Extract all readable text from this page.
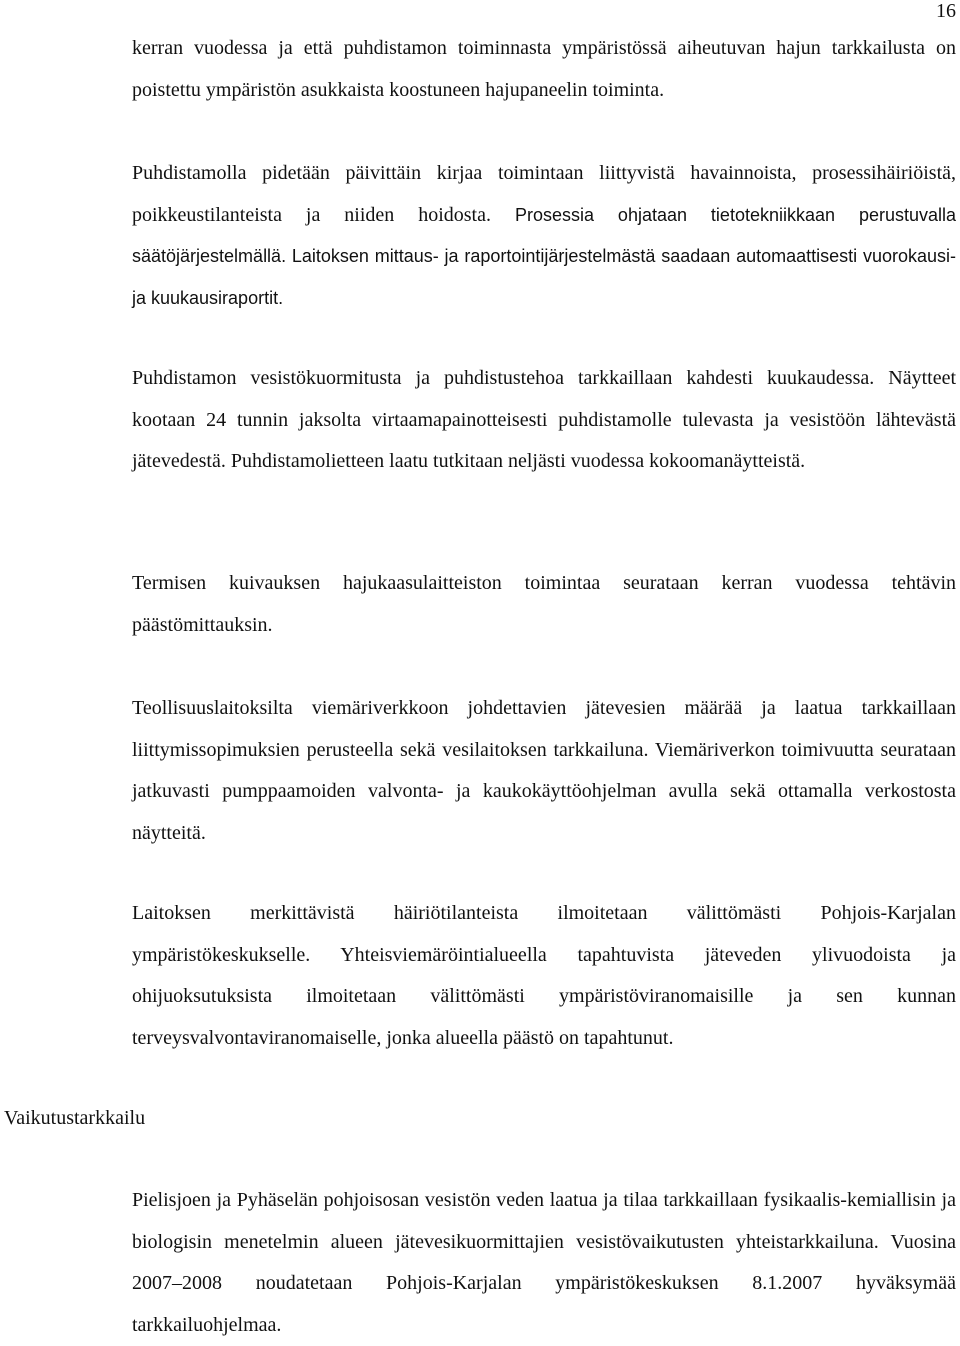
16

kerran vuodessa ja että puhdistamon toiminnasta ympäristössä aiheutuvan hajun tarkkailusta on poistettu ympäristön asukkaista koostuneen hajupaneelin toiminta.

Puhdistamolla pidetään päivittäin kirjaa toimintaan liittyvistä havainnoista, prosessihäiriöistä, poikkeustilanteista ja niiden hoidosta. Prosessia ohjataan tietotekniikkaan perustuvalla säätöjärjestelmällä. Laitoksen mittaus- ja raportointijärjestelmästä saadaan automaattisesti vuorokausi- ja kuukausiraportit.

Puhdistamon vesistökuormitusta ja puhdistustehoa tarkkaillaan kahdesti kuukaudessa. Näytteet kootaan 24 tunnin jaksolta virtaamapainotteisesti puhdistamolle tulevasta ja vesistöön lähtevästä jätevedestä. Puhdistamolietteen laatu tutkitaan neljästi vuodessa kokoomanäytteistä.

Termisen kuivauksen hajukaasulaitteiston toimintaa seurataan kerran vuodessa tehtävin päästömittauksin.

Teollisuuslaitoksilta viemäriverkkoon johdettavien jätevesien määrää ja laatua tarkkaillaan liittymissopimuksien perusteella sekä vesilaitoksen tarkkailuna. Viemäriverkon toimivuutta seurataan jatkuvasti pumppaamoiden valvonta- ja kaukokäyttöohjelman avulla sekä ottamalla verkostosta näytteitä.

Laitoksen merkittävistä häiriötilanteista ilmoitetaan välittömästi Pohjois-Karjalan ympäristökeskukselle. Yhteisviemäröintialueella tapahtuvista jäteveden ylivuodoista ja ohijuoksutuksista ilmoitetaan välittömästi ympäristöviranomaisille ja sen kunnan terveysvalvontaviranomaiselle, jonka alueella päästö on tapahtunut.

Vaikutustarkkailu

Pielisjoen ja Pyhäselän pohjoisosan vesistön veden laatua ja tilaa tarkkaillaan fysikaalis-kemiallisin ja biologisin menetelmin alueen jätevesikuormittajien vesistövaikutusten yhteistarkkailuna. Vuosina 2007–2008 noudatetaan Pohjois-Karjalan ympäristökeskuksen 8.1.2007 hyväksymää tarkkailuohjelmaa.
